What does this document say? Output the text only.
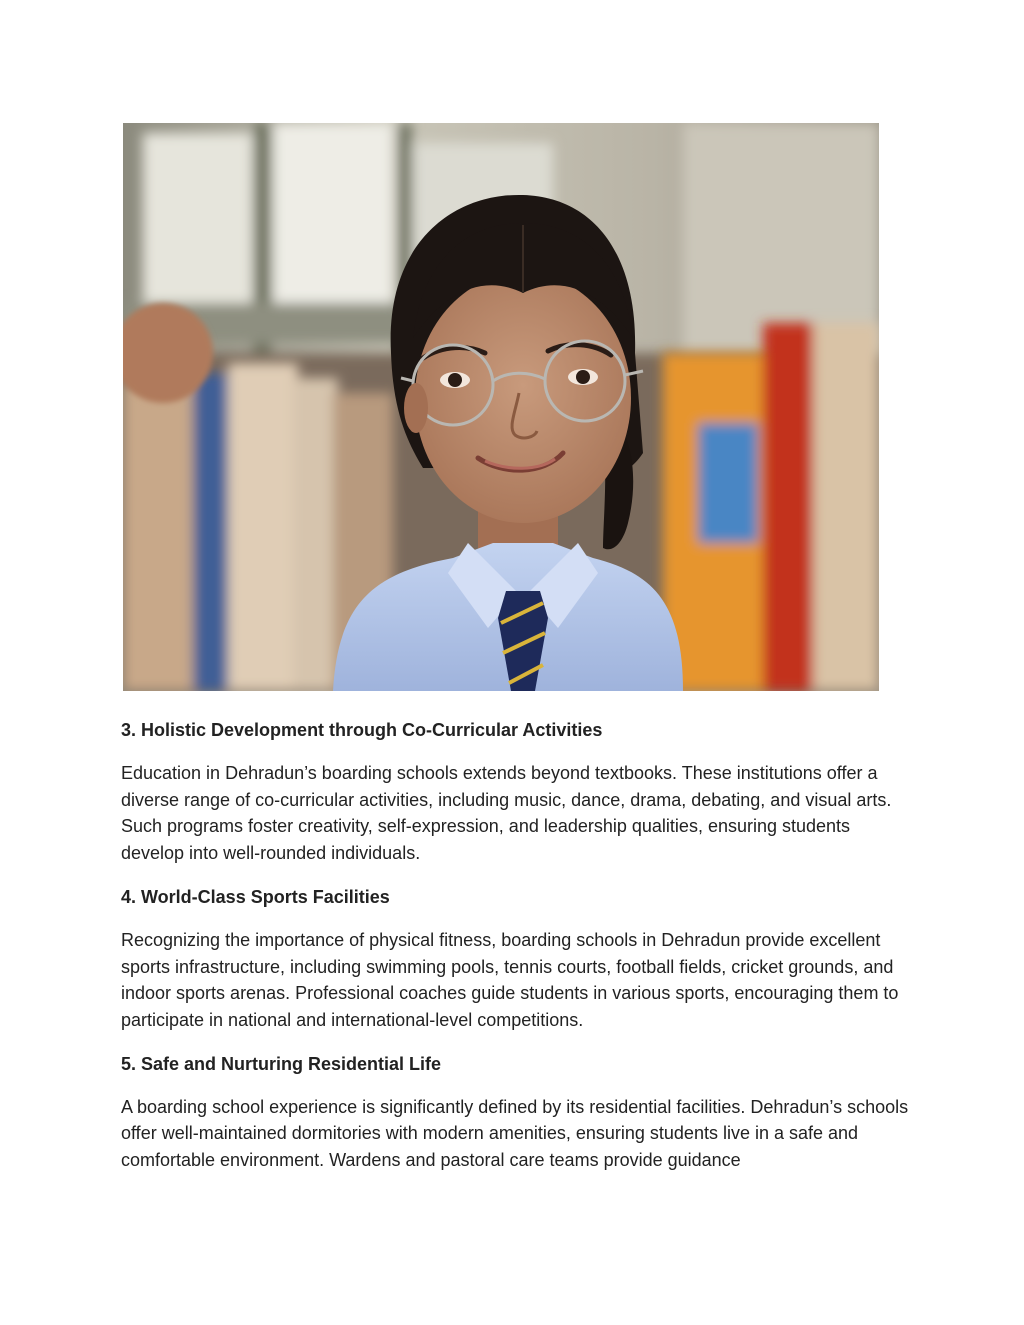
3. Holistic Development through Co-Curricular Activities

Education in Dehradun’s boarding schools extends beyond textbooks. These institutions offer a diverse range of co-curricular activities, including music, dance, drama, debating, and visual arts. Such programs foster creativity, self-expression, and leadership qualities, ensuring students develop into well-rounded individuals.

4. World-Class Sports Facilities

Recognizing the importance of physical fitness, boarding schools in Dehradun provide excellent sports infrastructure, including swimming pools, tennis courts, football fields, cricket grounds, and indoor sports arenas. Professional coaches guide students in various sports, encouraging them to participate in national and international-level competitions.

5. Safe and Nurturing Residential Life

A boarding school experience is significantly defined by its residential facilities. Dehradun’s schools offer well-maintained dormitories with modern amenities, ensuring students live in a safe and comfortable environment. Wardens and pastoral care teams provide guidance
